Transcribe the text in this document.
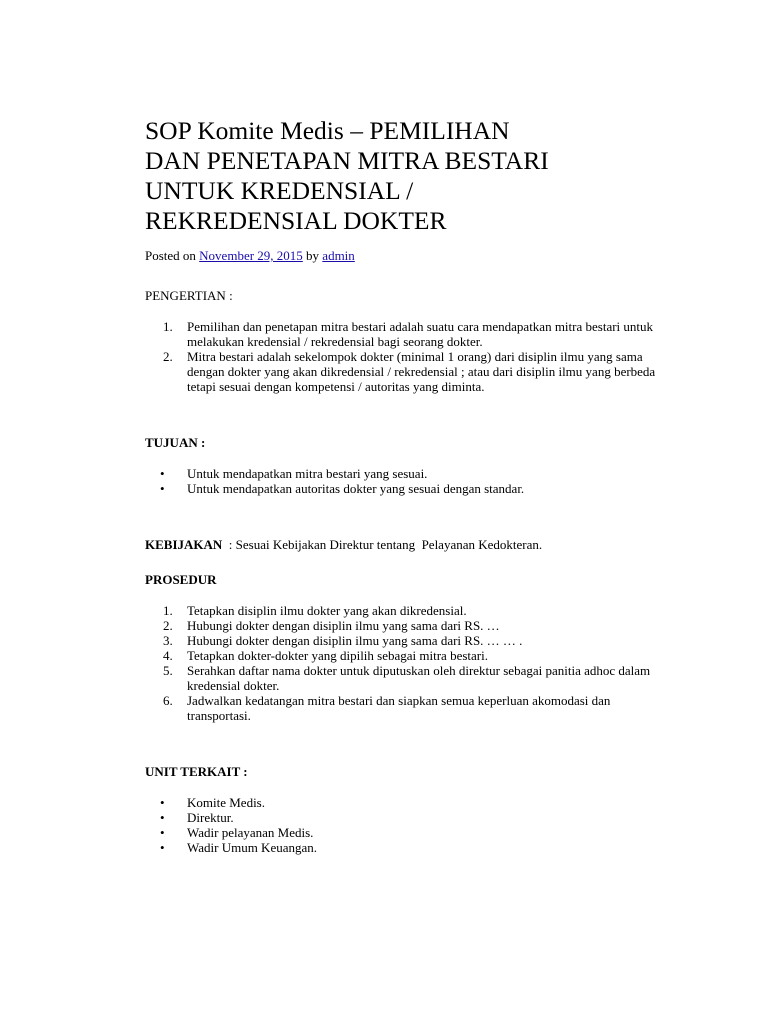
SOP Komite Medis – PEMILIHAN
DAN PENETAPAN MITRA BESTARI
UNTUK KREDENSIAL /
REKREDENSIAL DOKTER

Posted on November 29, 2015 by admin

PENGERTIAN :

1. Pemilihan dan penetapan mitra bestari adalah suatu cara mendapatkan mitra bestari untuk melakukan kredensial / rekredensial bagi seorang dokter.
2. Mitra bestari adalah sekelompok dokter (minimal 1 orang) dari disiplin ilmu yang sama dengan dokter yang akan dikredensial / rekredensial ; atau dari disiplin ilmu yang berbeda tetapi sesuai dengan kompetensi / autoritas yang diminta.

TUJUAN :

• Untuk mendapatkan mitra bestari yang sesuai.
• Untuk mendapatkan autoritas dokter yang sesuai dengan standar.

KEBIJAKAN  : Sesuai Kebijakan Direktur tentang  Pelayanan Kedokteran.

PROSEDUR

1. Tetapkan disiplin ilmu dokter yang akan dikredensial.
2. Hubungi dokter dengan disiplin ilmu yang sama dari RS. …
3. Hubungi dokter dengan disiplin ilmu yang sama dari RS. … … .
4. Tetapkan dokter-dokter yang dipilih sebagai mitra bestari.
5. Serahkan daftar nama dokter untuk diputuskan oleh direktur sebagai panitia adhoc dalam kredensial dokter.
6. Jadwalkan kedatangan mitra bestari dan siapkan semua keperluan akomodasi dan transportasi.

UNIT TERKAIT :

• Komite Medis.
• Direktur.
• Wadir pelayanan Medis.
• Wadir Umum Keuangan.
